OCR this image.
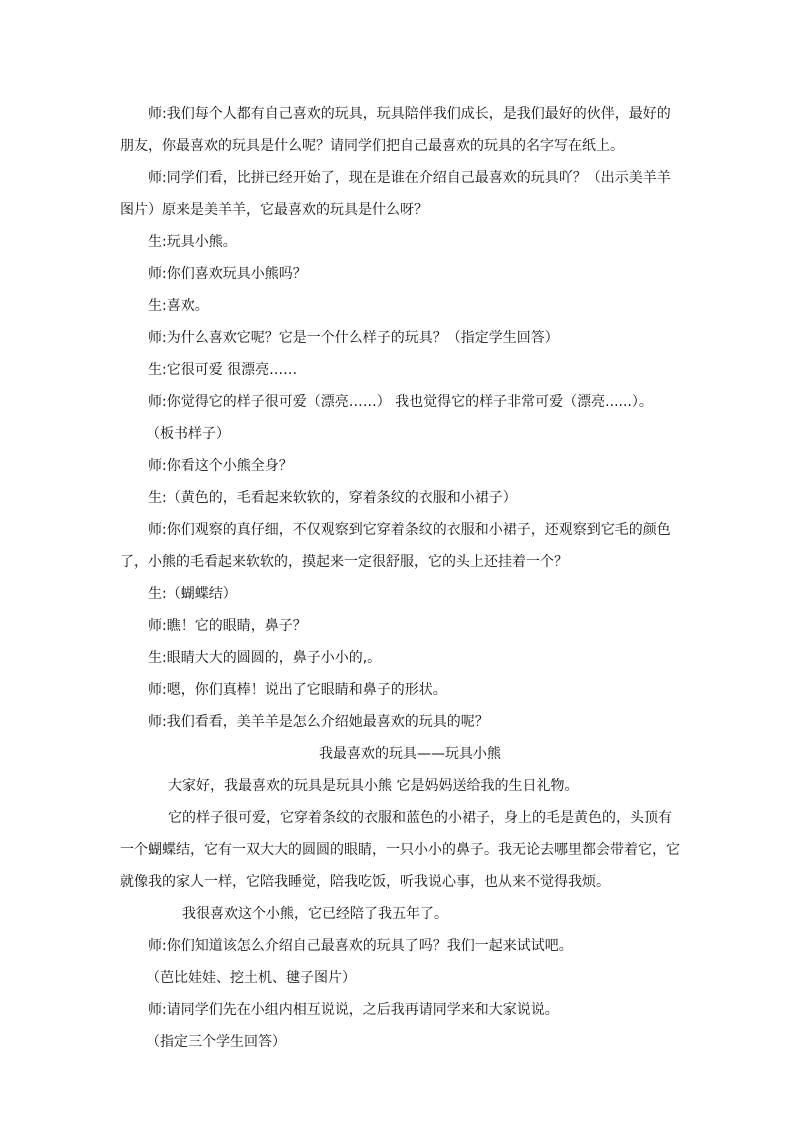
师:我们每个人都有自己喜欢的玩具，玩具陪伴我们成长，是我们最好的伙伴，最好的朋友，你最喜欢的玩具是什么呢？请同学们把自己最喜欢的玩具的名字写在纸上。
师:同学们看，比拼已经开始了，现在是谁在介绍自己最喜欢的玩具吖？（出示美羊羊图片）原来是美羊羊，它最喜欢的玩具是什么呀？
生:玩具小熊。
师:你们喜欢玩具小熊吗？
生:喜欢。
师:为什么喜欢它呢？它是一个什么样子的玩具？（指定学生回答）
生:它很可爱 很漂亮……
师:你觉得它的样子很可爱（漂亮……） 我也觉得它的样子非常可爱（漂亮......）。
（板书样子）
师:你看这个小熊全身？
生:（黄色的，毛看起来软软的，穿着条纹的衣服和小裙子）
师:你们观察的真仔细，不仅观察到它穿着条纹的衣服和小裙子，还观察到它毛的颜色了，小熊的毛看起来软软的，摸起来一定很舒服，它的头上还挂着一个？
生:（蝴蝶结）
师:瞧！它的眼睛，鼻子？
生:眼睛大大的圆圆的，鼻子小小的,。
师:嗯，你们真棒！说出了它眼睛和鼻子的形状。
师:我们看看，美羊羊是怎么介绍她最喜欢的玩具的呢？
我最喜欢的玩具——玩具小熊
大家好，我最喜欢的玩具是玩具小熊 它是妈妈送给我的生日礼物。
它的样子很可爱，它穿着条纹的衣服和蓝色的小裙子，身上的毛是黄色的，头顶有一个蝴蝶结，它有一双大大的圆圆的眼睛，一只小小的鼻子。我无论去哪里都会带着它，它就像我的家人一样，它陪我睡觉，陪我吃饭，听我说心事，也从来不觉得我烦。
我很喜欢这个小熊，它已经陪了我五年了。
师:你们知道该怎么介绍自己最喜欢的玩具了吗？我们一起来试试吧。
（芭比娃娃、挖土机、毽子图片）
师:请同学们先在小组内相互说说，之后我再请同学来和大家说说。
（指定三个学生回答）
